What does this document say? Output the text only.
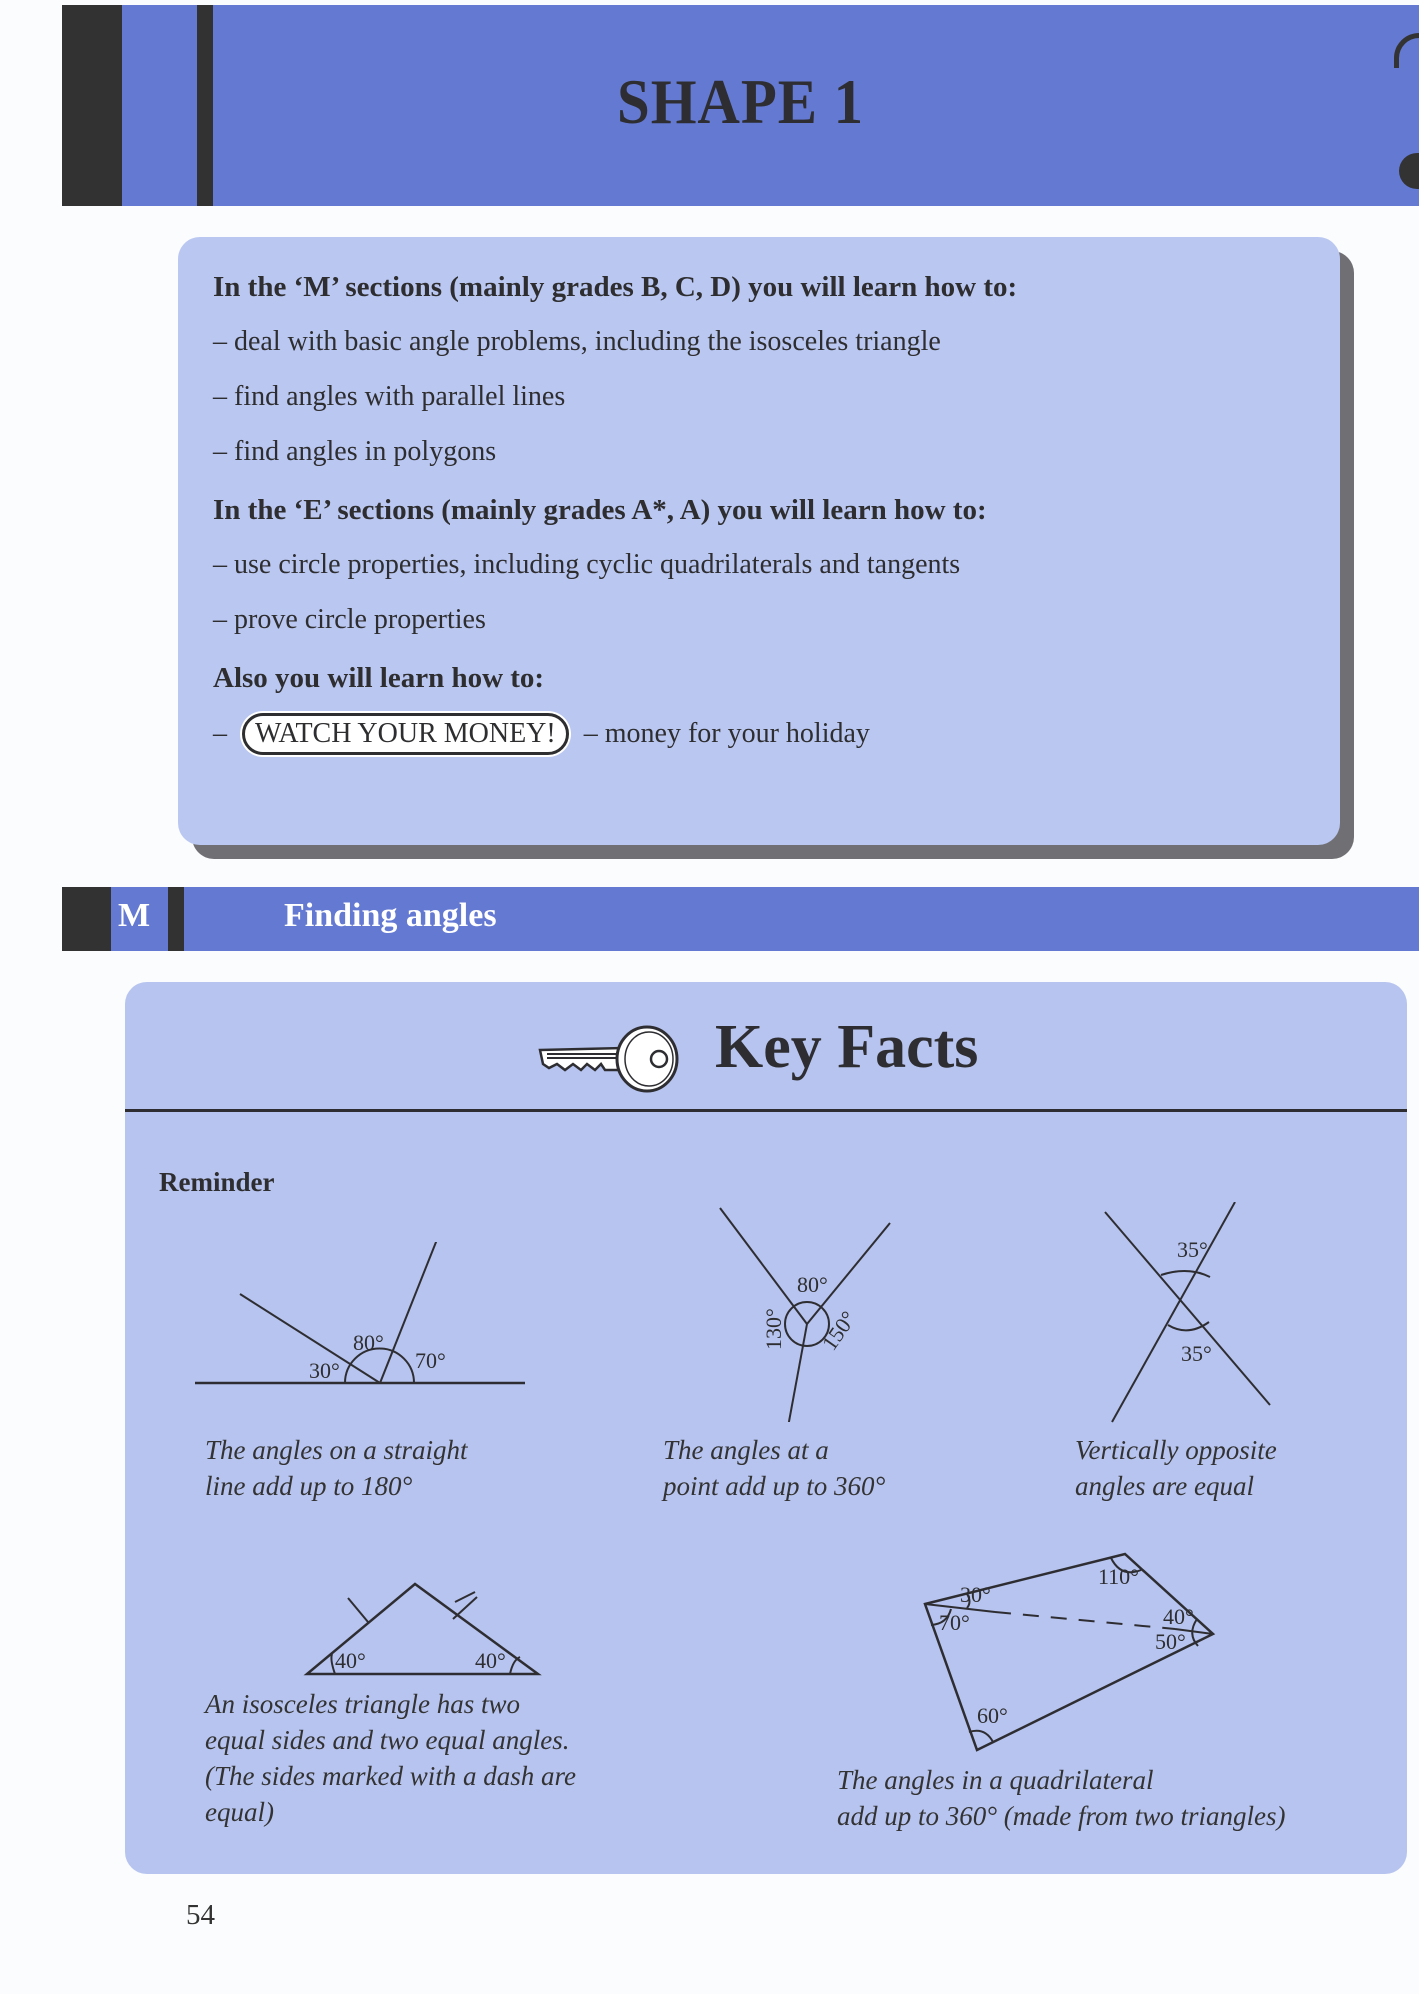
SHAPE 1

In the ‘M’ sections (mainly grades B, C, D) you will learn how to:

– deal with basic angle problems, including the isosceles triangle

– find angles with parallel lines

– find angles in polygons

In the ‘E’ sections (mainly grades A*, A) you will learn how to:

– use circle properties, including cyclic quadrilaterals and tangents

– prove circle properties

Also you will learn how to:

– WATCH YOUR MONEY! – money for your holiday

M	Finding angles
Key Facts
Reminder
30°
80°
70°
The angles on a straight
line add up to 180°
80°
130° 150°
The angles at a
point add up to 360°
35°
35°
Vertically opposite
angles are equal
40°	40°
An isosceles triangle has two
equal sides and two equal angles.
(The sides marked with a dash are
equal)
30°
70°
110°
40°
50°
60°
The angles in a quadrilateral
add up to 360° (made from two triangles)
54
